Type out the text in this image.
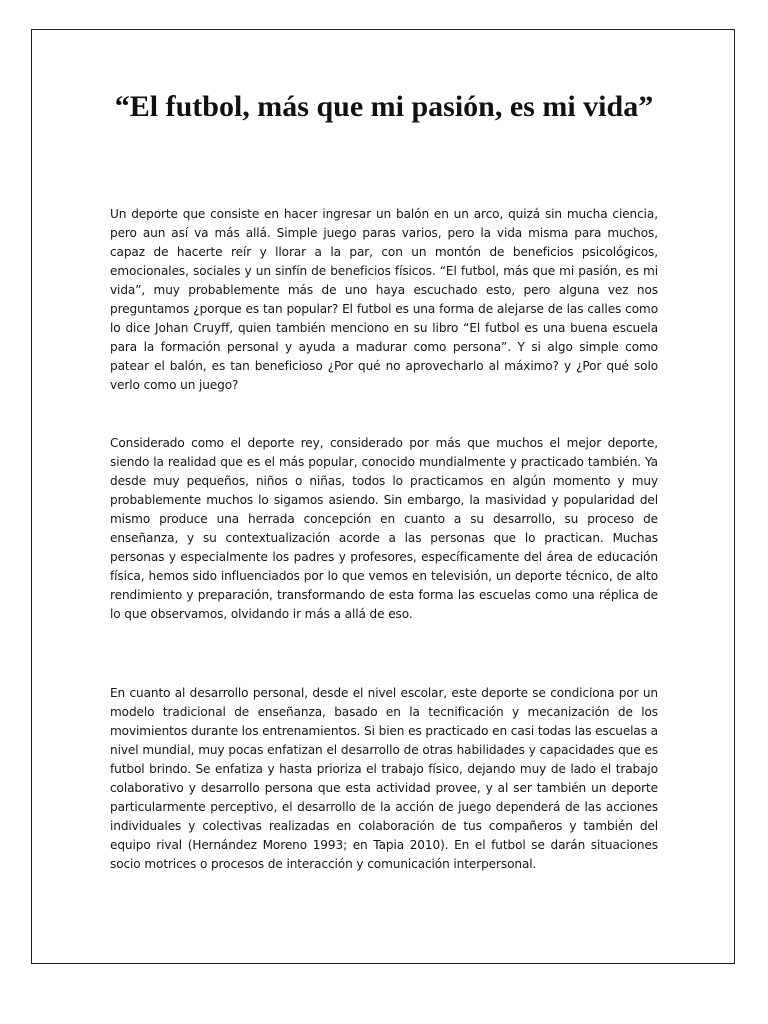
“El futbol, más que mi pasión, es mi vida”

Un deporte que consiste en hacer ingresar un balón en un arco, quizá sin mucha ciencia, pero aun así va más allá. Simple juego paras varios, pero la vida misma para muchos, capaz de hacerte reír y llorar a la par, con un montón de beneficios psicológicos, emocionales, sociales y un sinfín de beneficios físicos. “El futbol, más que mi pasión, es mi vida”, muy probablemente más de uno haya escuchado esto, pero alguna vez nos preguntamos ¿porque es tan popular? El futbol es una forma de alejarse de las calles como lo dice Johan Cruyff, quien también menciono en su libro “El futbol es una buena escuela para la formación personal y ayuda a madurar como persona”. Y si algo simple como patear el balón, es tan beneficioso ¿Por qué no aprovecharlo al máximo? y ¿Por qué solo verlo como un juego?

Considerado como el deporte rey, considerado por más que muchos el mejor deporte, siendo la realidad que es el más popular, conocido mundialmente y practicado también. Ya desde muy pequeños, niños o niñas, todos lo practicamos en algún momento y muy probablemente muchos lo sigamos asiendo. Sin embargo, la masividad y popularidad del mismo produce una herrada concepción en cuanto a su desarrollo, su proceso de enseñanza, y su contextualización acorde a las personas que lo practican. Muchas personas y especialmente los padres y profesores, específicamente del área de educación física, hemos sido influenciados por lo que vemos en televisión, un deporte técnico, de alto rendimiento y preparación, transformando de esta forma las escuelas como una réplica de lo que observamos, olvidando ir más a allá de eso.

En cuanto al desarrollo personal, desde el nivel escolar, este deporte se condiciona por un modelo tradicional de enseñanza, basado en la tecnificación y mecanización de los movimientos durante los entrenamientos. Si bien es practicado en casi todas las escuelas a nivel mundial, muy pocas enfatizan el desarrollo de otras habilidades y capacidades que es futbol brindo. Se enfatiza y hasta prioriza el trabajo físico, dejando muy de lado el trabajo colaborativo y desarrollo persona que esta actividad provee, y al ser también un deporte particularmente perceptivo, el desarrollo de la acción de juego dependerá de las acciones individuales y colectivas realizadas en colaboración de tus compañeros y también del equipo rival (Hernández Moreno 1993; en Tapia 2010). En el futbol se darán situaciones socio motrices o procesos de interacción y comunicación interpersonal.
